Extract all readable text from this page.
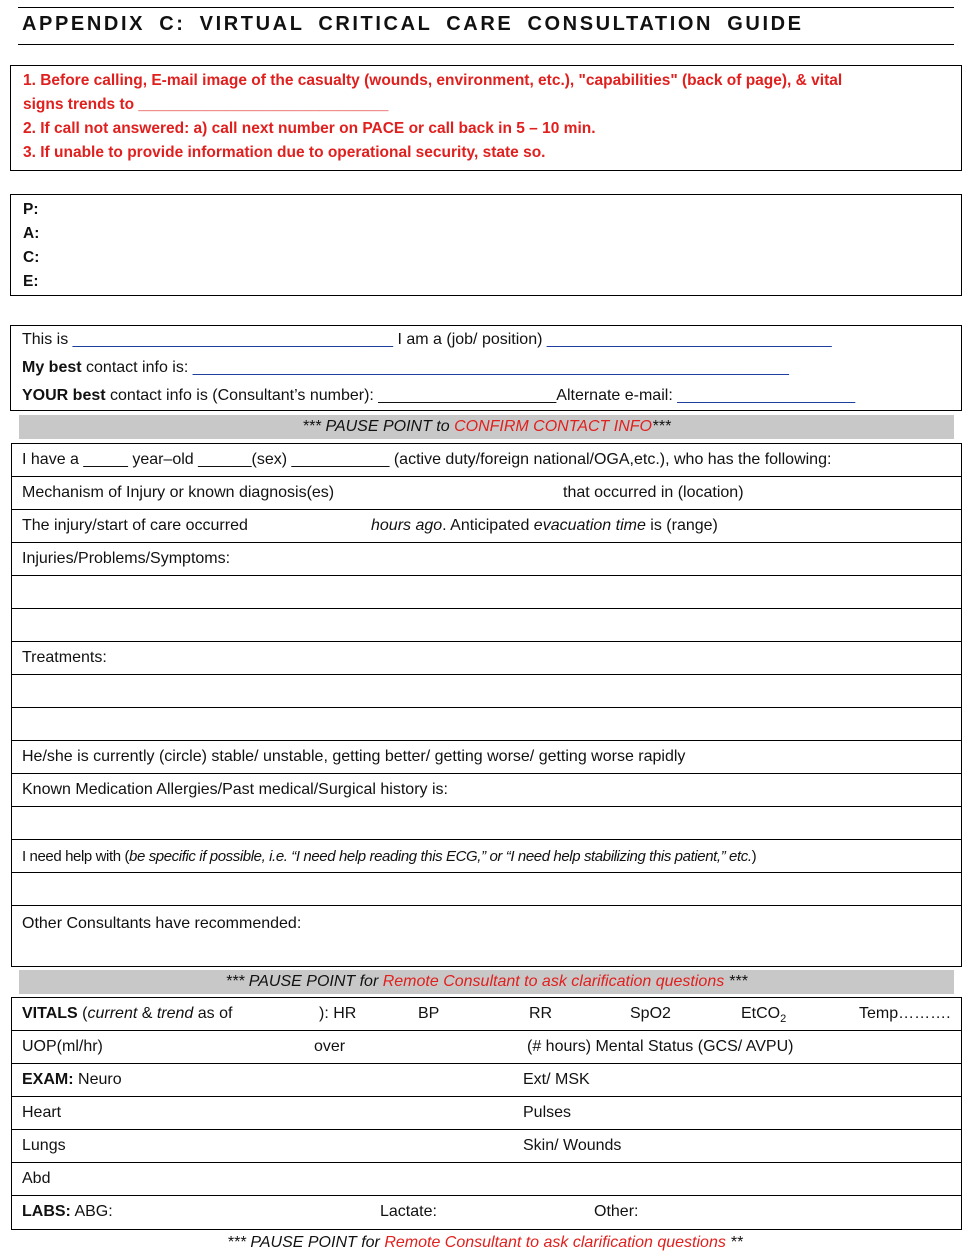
APPENDIX C: VIRTUAL CRITICAL CARE CONSULTATION GUIDE
1. Before calling, E-mail image of the casualty (wounds, environment, etc.), "capabilities" (back of page), & vital
signs trends to _____________________________
2. If call not answered: a) call next number on PACE or call back in 5 – 10 min.
3. If unable to provide information due to operational security, state so.
P:
A:
C:
E:
This is ____________________________________ I am a (job/ position) ________________________________
My best contact info is: ___________________________________________________________________
YOUR best contact info is (Consultant’s number): ____________________Alternate e-mail: ____________________
*** PAUSE POINT to CONFIRM CONTACT INFO***
I have a _____ year–old ______(sex) ___________ (active duty/foreign national/OGA,etc.), who has the following:
Mechanism of Injury or known diagnosis(es)	that occurred in (location)
The injury/start of care occurred	hours ago. Anticipated evacuation time is (range)
Injuries/Problems/Symptoms:
Treatments:
He/she is currently (circle) stable/ unstable, getting better/ getting worse/ getting worse rapidly
Known Medication Allergies/Past medical/Surgical history is:
I need help with (be specific if possible, i.e. “I need help reading this ECG,” or “I need help stabilizing this patient,” etc.)
Other Consultants have recommended:
*** PAUSE POINT for Remote Consultant to ask clarification questions ***
VITALS (current & trend as of	): HR	BP	RR	SpO2	EtCO$_2$	Temp……….
UOP(ml/hr)	over	(# hours) Mental Status (GCS/ AVPU)
EXAM: Neuro	Ext/ MSK
Heart	Pulses
Lungs	Skin/ Wounds
Abd
LABS: ABG:	Lactate:	Other:
*** PAUSE POINT for Remote Consultant to ask clarification questions **
